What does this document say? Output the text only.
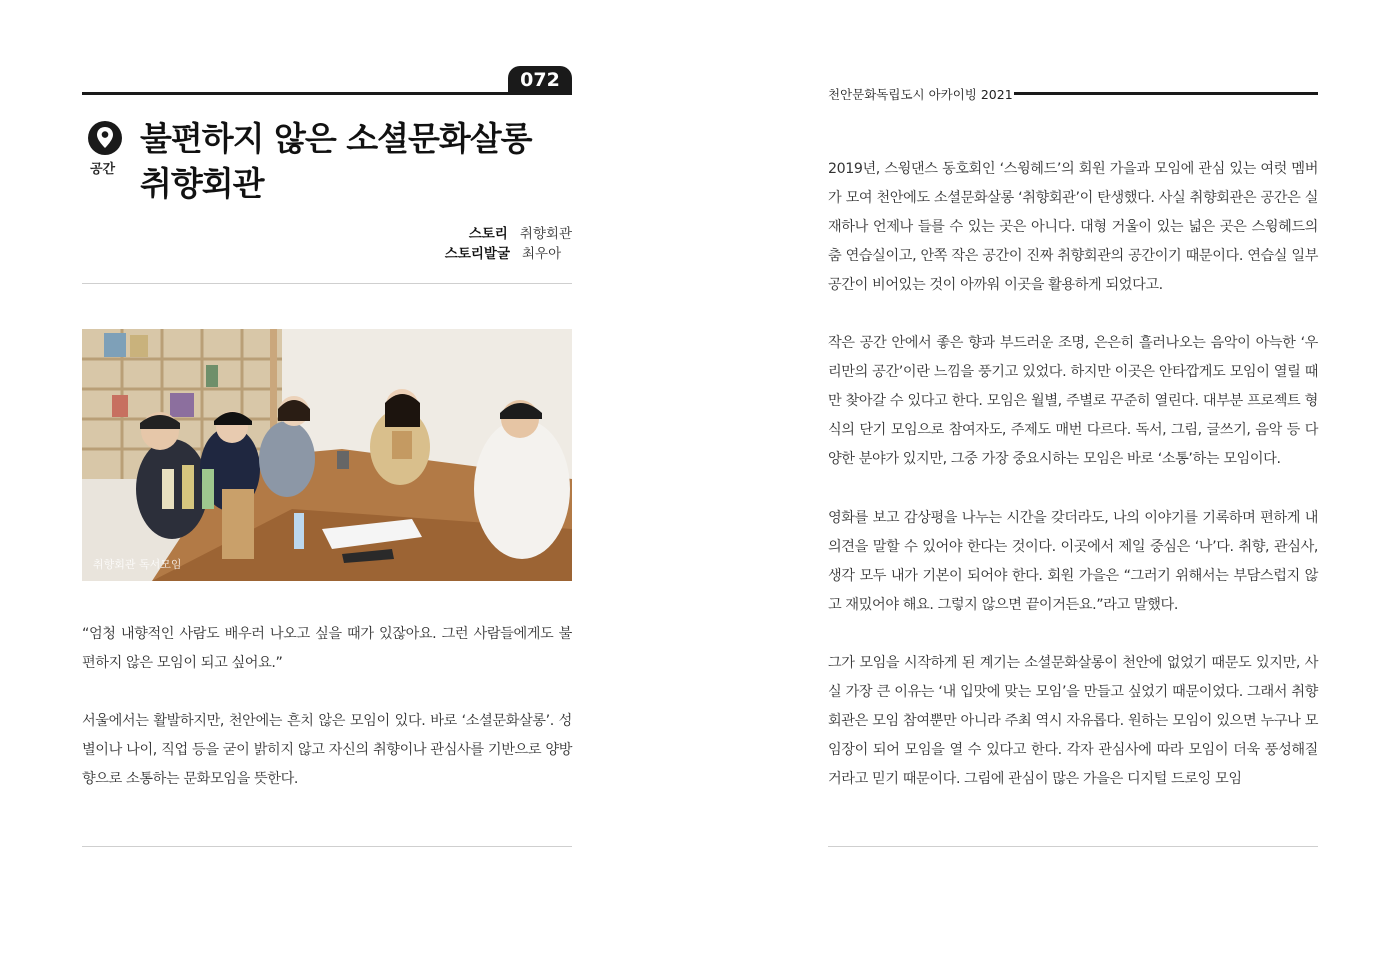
072
공간
불편하지 않은 소셜문화살롱
취향회관
스토리 취향회관
스토리발굴 최우아
취향회관 독서모임

“엄청 내향적인 사람도 배우러 나오고 싶을 때가 있잖아요. 그런 사람들에게도 불편하지 않은 모임이 되고 싶어요.”

서울에서는 활발하지만, 천안에는 흔치 않은 모임이 있다. 바로 ‘소셜문화살롱’. 성별이나 나이, 직업 등을 굳이 밝히지 않고 자신의 취향이나 관심사를 기반으로 양방향으로 소통하는 문화모임을 뜻한다.

천안문화독립도시 아카이빙 2021

2019년, 스윙댄스 동호회인 ‘스윙헤드’의 회원 가을과 모임에 관심 있는 여럿 멤버가 모여 천안에도 소셜문화살롱 ‘취향회관’이 탄생했다. 사실 취향회관은 공간은 실재하나 언제나 들를 수 있는 곳은 아니다. 대형 거울이 있는 넓은 곳은 스윙헤드의 춤 연습실이고, 안쪽 작은 공간이 진짜 취향회관의 공간이기 때문이다. 연습실 일부 공간이 비어있는 것이 아까워 이곳을 활용하게 되었다고.

작은 공간 안에서 좋은 향과 부드러운 조명, 은은히 흘러나오는 음악이 아늑한 ‘우리만의 공간’이란 느낌을 풍기고 있었다. 하지만 이곳은 안타깝게도 모임이 열릴 때만 찾아갈 수 있다고 한다. 모임은 월별, 주별로 꾸준히 열린다. 대부분 프로젝트 형식의 단기 모임으로 참여자도, 주제도 매번 다르다. 독서, 그림, 글쓰기, 음악 등 다양한 분야가 있지만, 그중 가장 중요시하는 모임은 바로 ‘소통’하는 모임이다.

영화를 보고 감상평을 나누는 시간을 갖더라도, 나의 이야기를 기록하며 편하게 내 의견을 말할 수 있어야 한다는 것이다. 이곳에서 제일 중심은 ‘나’다. 취향, 관심사, 생각 모두 내가 기본이 되어야 한다. 회원 가을은 “그러기 위해서는 부담스럽지 않고 재밌어야 해요. 그렇지 않으면 끝이거든요.”라고 말했다.

그가 모임을 시작하게 된 계기는 소셜문화살롱이 천안에 없었기 때문도 있지만, 사실 가장 큰 이유는 ‘내 입맛에 맞는 모임’을 만들고 싶었기 때문이었다. 그래서 취향회관은 모임 참여뿐만 아니라 주최 역시 자유롭다. 원하는 모임이 있으면 누구나 모임장이 되어 모임을 열 수 있다고 한다. 각자 관심사에 따라 모임이 더욱 풍성해질 거라고 믿기 때문이다. 그림에 관심이 많은 가을은 디지털 드로잉 모임
